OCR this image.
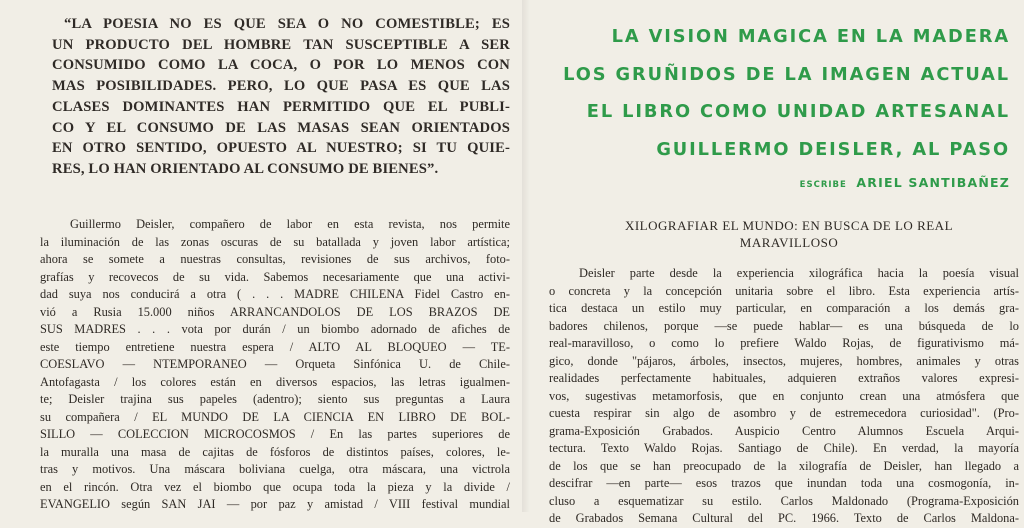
“LA POESIA NO ES QUE SEA O NO COMESTIBLE; ES
UN PRODUCTO DEL HOMBRE TAN SUSCEPTIBLE A SER
CONSUMIDO COMO LA COCA, O POR LO MENOS CON
MAS POSIBILIDADES. PERO, LO QUE PASA ES QUE LAS
CLASES DOMINANTES HAN PERMITIDO QUE EL PUBLI-
CO Y EL CONSUMO DE LAS MASAS SEAN ORIENTADOS
EN OTRO SENTIDO, OPUESTO AL NUESTRO; SI TU QUIE-
RES, LO HAN ORIENTADO AL CONSUMO DE BIENES”.
Guillermo Deisler, compañero de labor en esta revista, nos permite
la iluminación de las zonas oscuras de su batallada y joven labor artística;
ahora se somete a nuestras consultas, revisiones de sus archivos, foto-
grafías y recovecos de su vida. Sabemos necesariamente que una activi-
dad suya nos conducirá a otra ( . . . MADRE CHILENA Fidel Castro en-
vió a Rusia 15.000 niños ARRANCANDOLOS DE LOS BRAZOS DE
SUS MADRES . . . vota por durán / un biombo adornado de afiches de
este tiempo entretiene nuestra espera / ALTO AL BLOQUEO — TE-
COESLAVO — NTEMPORANEO — Orqueta Sinfónica U. de Chile-
Antofagasta / los colores están en diversos espacios, las letras igualmen-
te; Deisler trajina sus papeles (adentro); siento sus preguntas a Laura
su compañera / EL MUNDO DE LA CIENCIA EN LIBRO DE BOL-
SILLO — COLECCION MICROCOSMOS / En las partes superiores de
la muralla una masa de cajitas de fósforos de distintos países, colores, le-
tras y motivos. Una máscara boliviana cuelga, otra máscara, una victrola
en el rincón. Otra vez el biombo que ocupa toda la pieza y la divide /
EVANGELIO según SAN JAI — por paz y amistad / VIII festival mundial
LA VISION MAGICA EN LA MADERA
LOS GRUÑIDOS DE LA IMAGEN ACTUAL
EL LIBRO COMO UNIDAD ARTESANAL
GUILLERMO DEISLER, AL PASO
ESCRIBE ARIEL SANTIBAÑEZ
XILOGRAFIAR EL MUNDO: EN BUSCA DE LO REAL
MARAVILLOSO
Deisler parte desde la experiencia xilográfica hacia la poesía visual
o concreta y la concepción unitaria sobre el libro. Esta experiencia artís-
tica destaca un estilo muy particular, en comparación a los demás gra-
badores chilenos, porque —se puede hablar— es una búsqueda de lo
real-maravilloso, o como lo prefiere Waldo Rojas, de figurativismo má-
gico, donde "pájaros, árboles, insectos, mujeres, hombres, animales y otras
realidades perfectamente habituales, adquieren extraños valores expresi-
vos, sugestivas metamorfosis, que en conjunto crean una atmósfera que
cuesta respirar sin algo de asombro y de estremecedora curiosidad". (Pro-
grama-Exposición Grabados. Auspicio Centro Alumnos Escuela Arqui-
tectura. Texto Waldo Rojas. Santiago de Chile). En verdad, la mayoría
de los que se han preocupado de la xilografía de Deisler, han llegado a
descifrar —en parte— esos trazos que inundan toda una cosmogonía, in-
cluso a esquematizar su estilo. Carlos Maldonado (Programa-Exposición
de Grabados Semana Cultural del PC. 1966. Texto de Carlos Maldona-
